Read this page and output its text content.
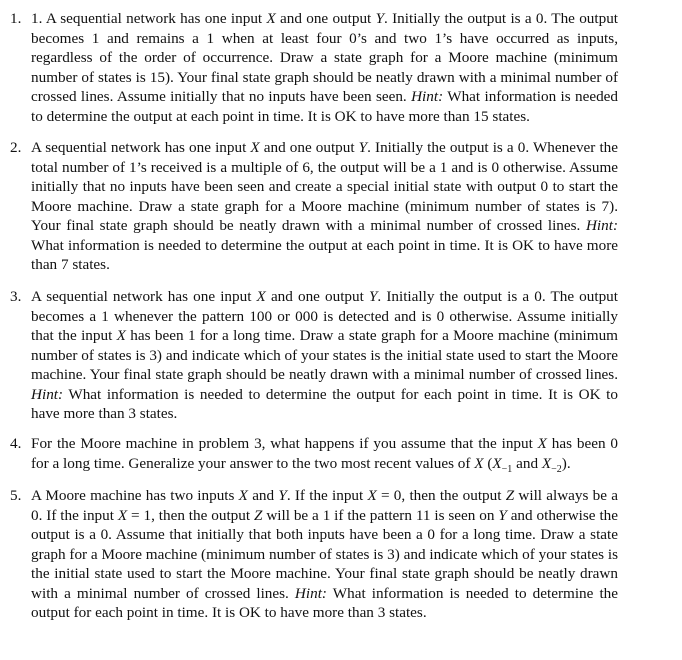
1. 1. A sequential network has one input X and one output Y. Initially the output is a 0. The output becomes 1 and remains a 1 when at least four 0’s and two 1’s have occurred as inputs, regardless of the order of occurrence. Draw a state graph for a Moore machine (minimum number of states is 15). Your final state graph should be neatly drawn with a minimal number of crossed lines. Assume initially that no inputs have been seen. Hint: What information is needed to determine the output at each point in time. It is OK to have more than 15 states.
2. A sequential network has one input X and one output Y. Initially the output is a 0. Whenever the total number of 1’s received is a multiple of 6, the output will be a 1 and is 0 otherwise. Assume initially that no inputs have been seen and create a special initial state with output 0 to start the Moore machine. Draw a state graph for a Moore machine (minimum number of states is 7). Your final state graph should be neatly drawn with a minimal number of crossed lines. Hint: What information is needed to determine the output at each point in time. It is OK to have more than 7 states.
3. A sequential network has one input X and one output Y. Initially the output is a 0. The output becomes a 1 whenever the pattern 100 or 000 is detected and is 0 otherwise. Assume initially that the input X has been 1 for a long time. Draw a state graph for a Moore machine (minimum number of states is 3) and indicate which of your states is the initial state used to start the Moore machine. Your final state graph should be neatly drawn with a minimal number of crossed lines. Hint: What information is needed to determine the output for each point in time. It is OK to have more than 3 states.
4. For the Moore machine in problem 3, what happens if you assume that the input X has been 0 for a long time. Generalize your answer to the two most recent values of X ($X_{-1}$ and $X_{-2}$).
5. A Moore machine has two inputs X and Y. If the input X = 0, then the output Z will always be a 0. If the input X = 1, then the output Z will be a 1 if the pattern 11 is seen on Y and otherwise the output is a 0. Assume that initially that both inputs have been a 0 for a long time. Draw a state graph for a Moore machine (minimum number of states is 3) and indicate which of your states is the initial state used to start the Moore machine. Your final state graph should be neatly drawn with a minimal number of crossed lines. Hint: What information is needed to determine the output for each point in time. It is OK to have more than 3 states.
